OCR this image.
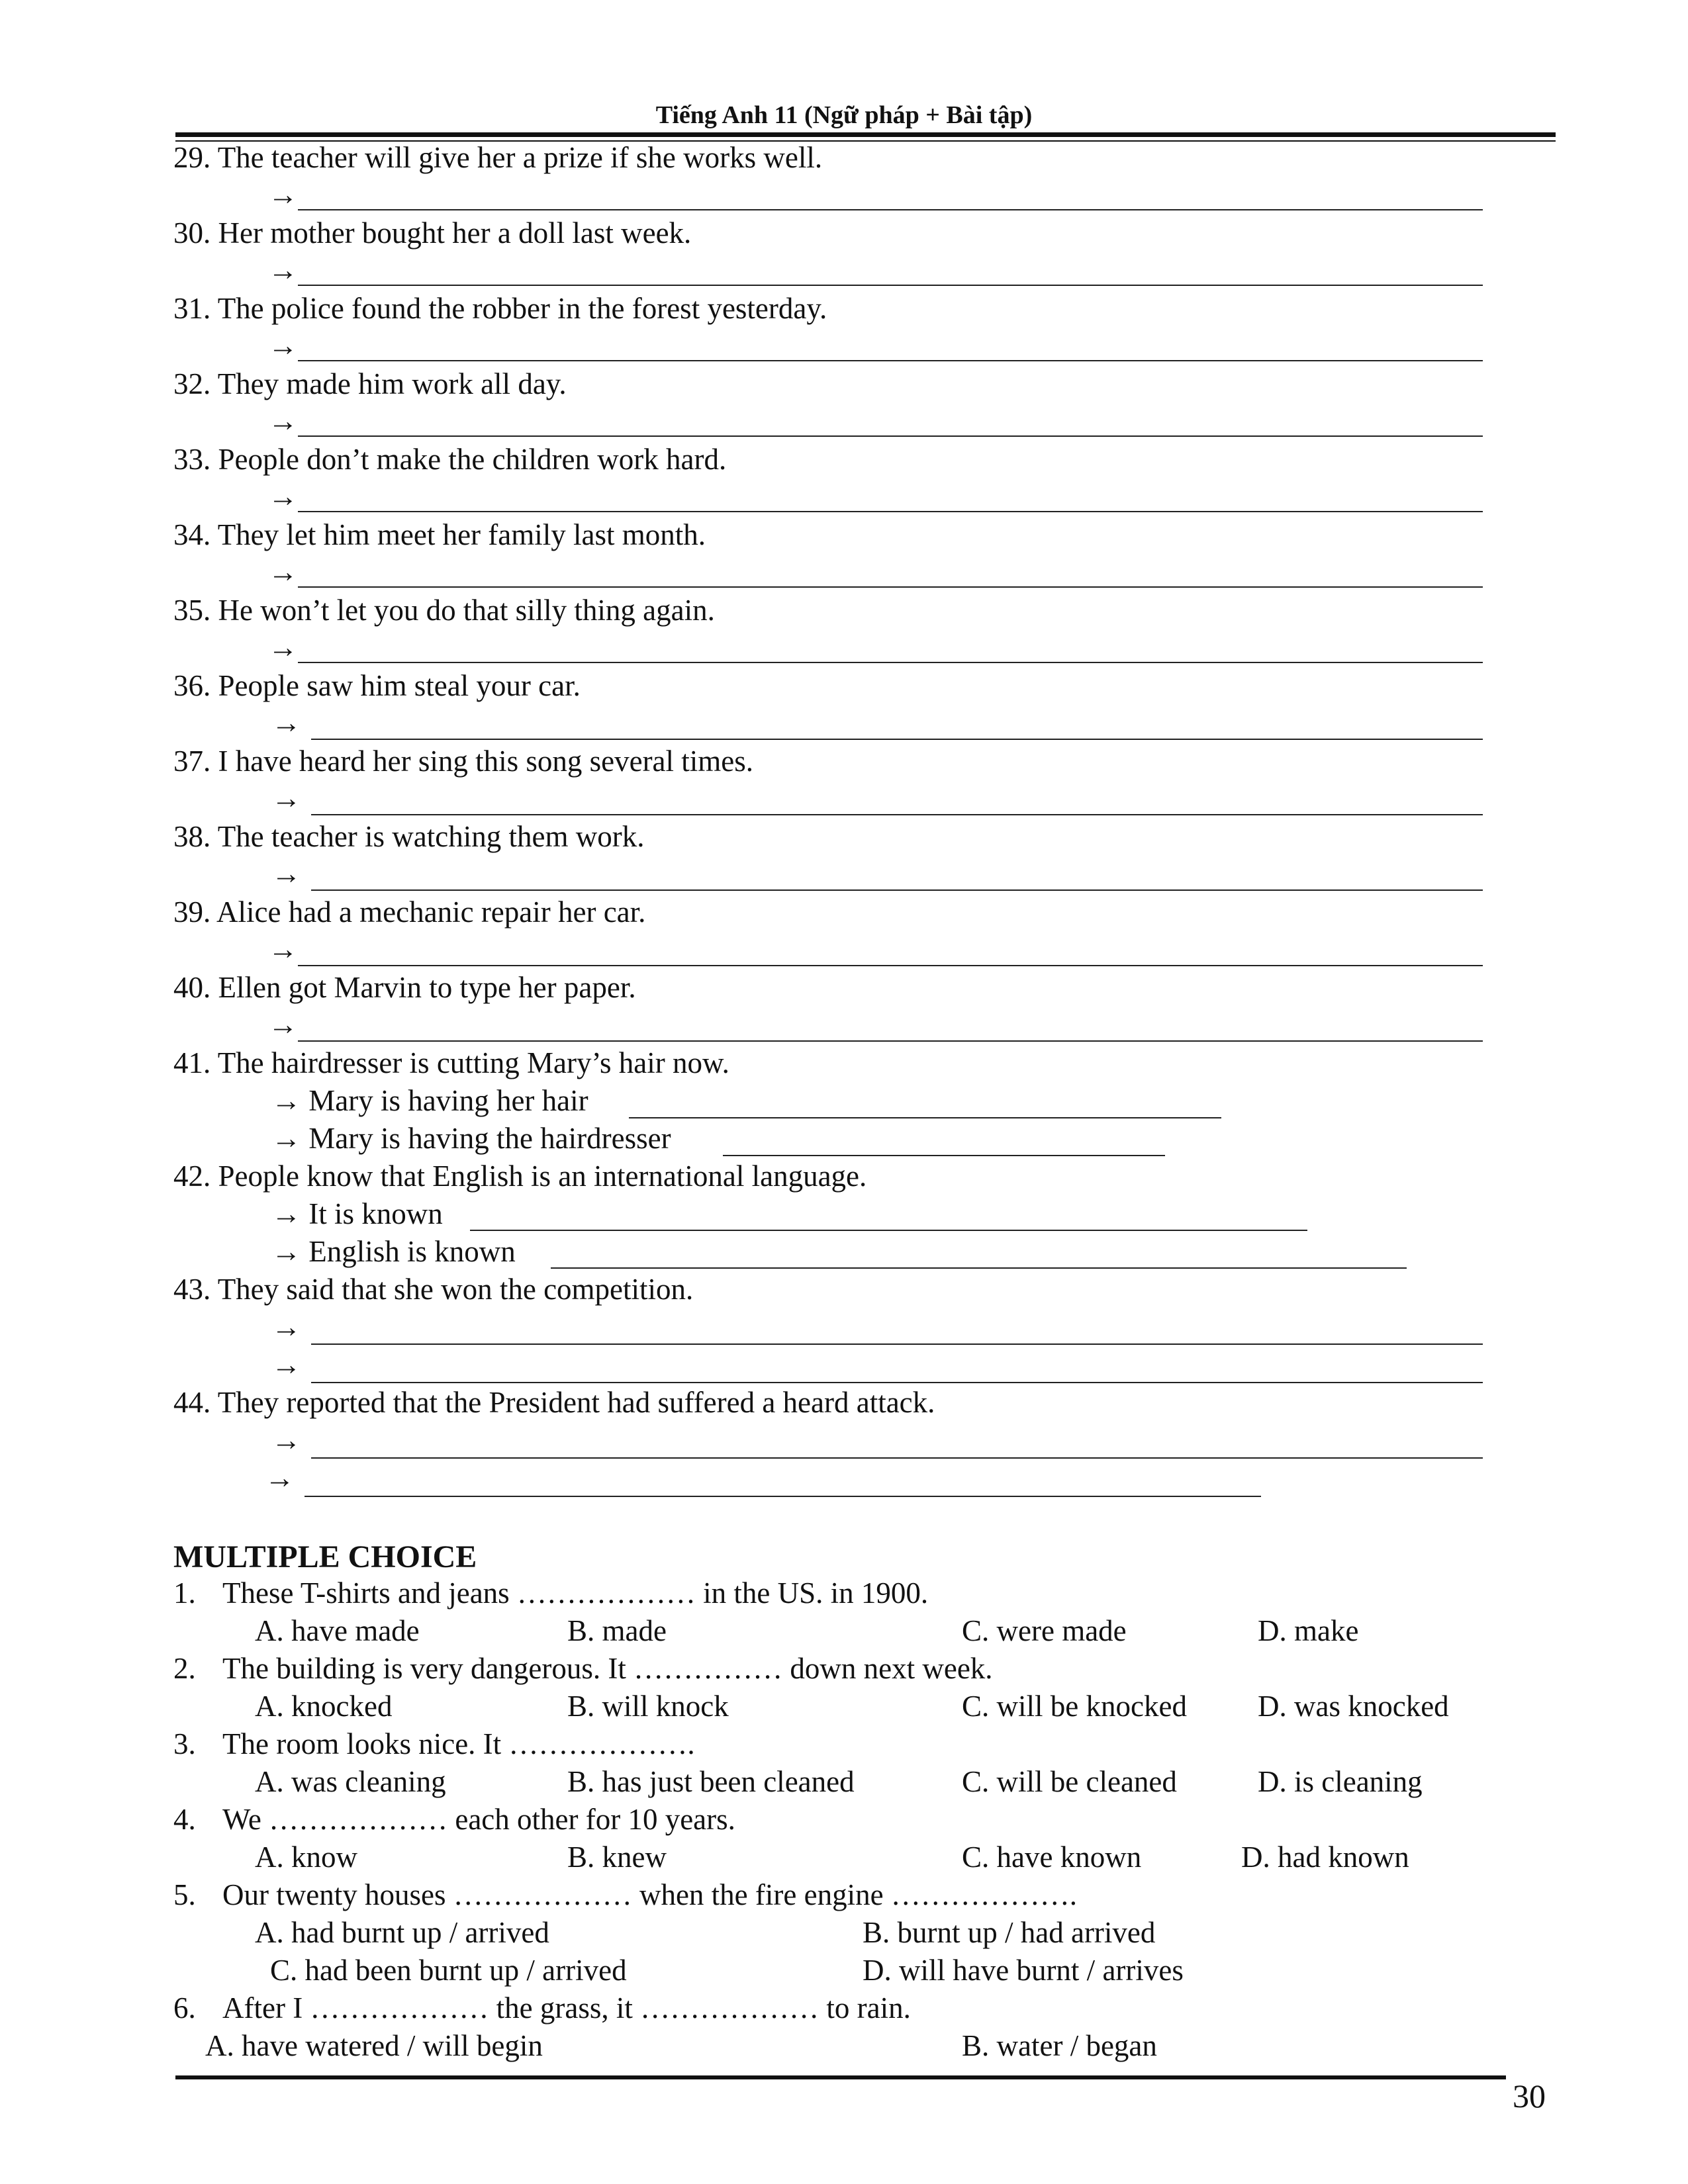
Tiếng Anh 11 (Ngữ pháp + Bài tập)
29. The teacher will give her a prize if she works well.
→
30. Her mother bought her a doll last week.
→
31. The police found the robber in the forest yesterday.
→
32. They made him work all day.
→
33. People don’t make the children work hard.
→
34. They let him meet her family last month.
→
35. He won’t let you do that silly thing again.
→
36. People saw him steal your car.
→
37. I have heard her sing this song several times.
→
38. The teacher is watching them work.
→
39. Alice had a mechanic repair her car.
→
40. Ellen got Marvin to type her paper.
→
41. The hairdresser is cutting Mary’s hair now.
→ Mary is having her hair
→ Mary is having the hairdresser
42. People know that English is an international language.
→ It is known
→ English is known
43. They said that she won the competition.
→
→
44. They reported that the President had suffered a heard attack.
→
→
MULTIPLE CHOICE
1. These T-shirts and jeans ……………… in the US. in 1900.
A. have made	B. made	C. were made	D. make
2. The building is very dangerous. It …………… down next week.
A. knocked	B. will knock	C. will be knocked D. was knocked
3. The room looks nice. It ……………….
A. was cleaning	B. has just been cleaned	C. will be cleaned	D. is cleaning
4. We ……………… each other for 10 years.
A. know	B. knew	C. have known	D. had known
5. Our twenty houses ……………… when the fire engine ……………….
A. had burnt up / arrived	B. burnt up / had arrived
C. had been burnt up / arrived	D. will have burnt / arrives
6. After I ……………… the grass, it ……………… to rain.
A. have watered / will begin	B. water / began
30
